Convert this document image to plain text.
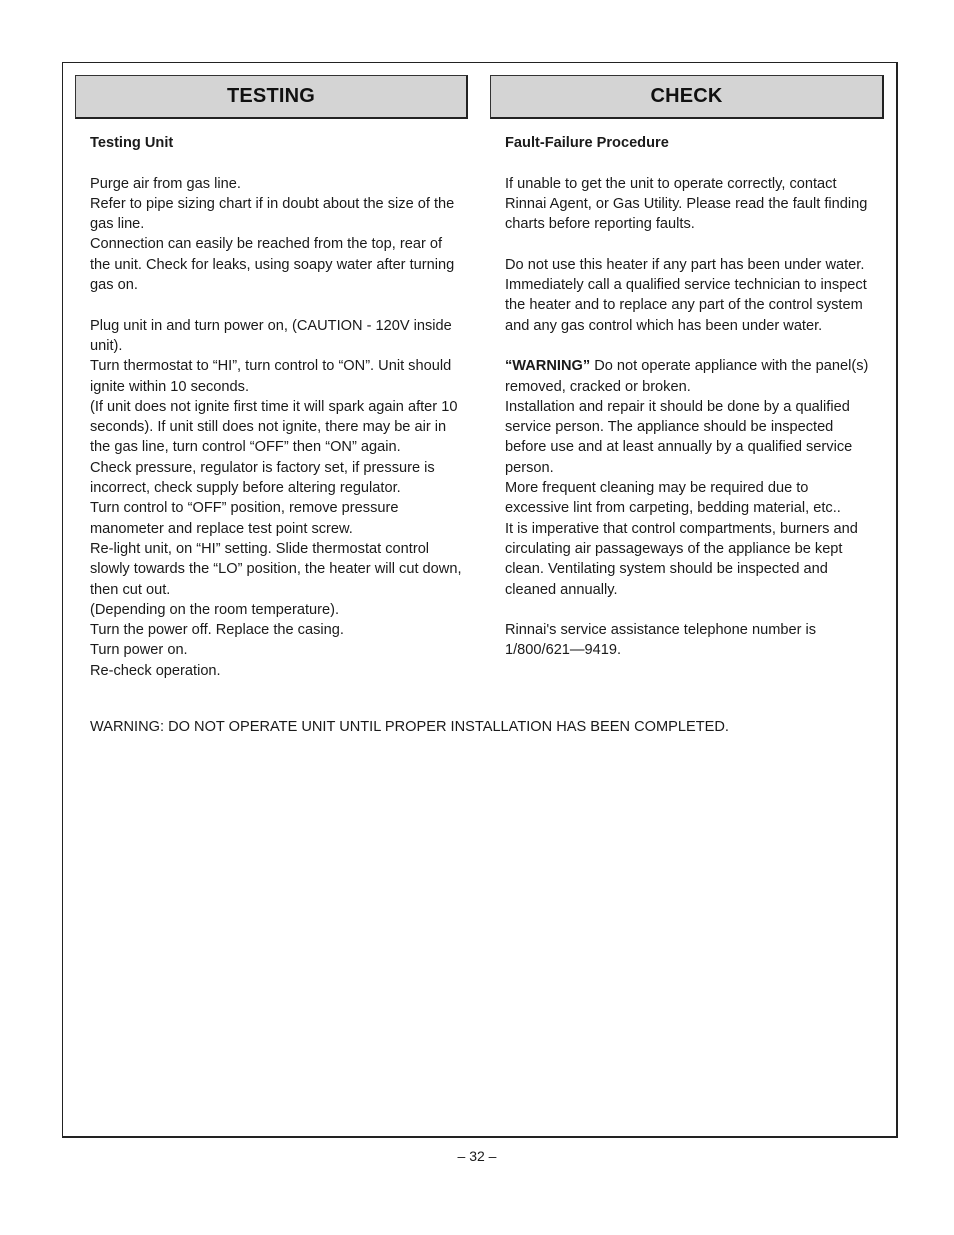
TESTING	CHECK
Testing Unit
Purge air from gas line.
Refer to pipe sizing chart if in doubt about the size of the gas line.
Connection can easily be reached from the top, rear of the unit. Check for leaks, using soapy water after turning gas on.
Plug unit in and turn power on, (CAUTION - 120V inside unit).
Turn thermostat to “HI”, turn control to “ON”. Unit should ignite within 10 seconds.
(If unit does not ignite first time it will spark again after 10 seconds). If unit still does not ignite, there may be air in the gas line, turn control “OFF” then “ON” again.
Check pressure, regulator is factory set, if pressure is incorrect, check supply before altering regulator.
Turn control to “OFF” position, remove pressure manometer and replace test point screw.
Re-light unit, on “HI” setting. Slide thermostat control slowly towards the “LO” position, the heater will cut down, then cut out.
(Depending on the room temperature).
Turn the power off. Replace the casing.
Turn power on.
Re-check operation.
Fault-Failure Procedure
If unable to get the unit to operate correctly, contact Rinnai Agent, or Gas Utility. Please read the fault finding charts before reporting faults.
Do not use this heater if any part has been under water. Immediately call a qualified service technician to inspect the heater and to replace any part of the control system and any gas control which has been under water.
“WARNING” Do not operate appliance with the panel(s) removed, cracked or broken.
Installation and repair it should be done by a qualified service person. The appliance should be inspected before use and at least annually by a qualified service person.
More frequent cleaning may be required due to excessive lint from carpeting, bedding material, etc..
It is imperative that control compartments, burners and circulating air passageways of the appliance be kept clean. Ventilating system should be inspected and cleaned annually.
Rinnai's service assistance telephone number is 1/800/621—9419.
WARNING: DO NOT OPERATE UNIT UNTIL PROPER INSTALLATION HAS BEEN COMPLETED.
– 32 –
